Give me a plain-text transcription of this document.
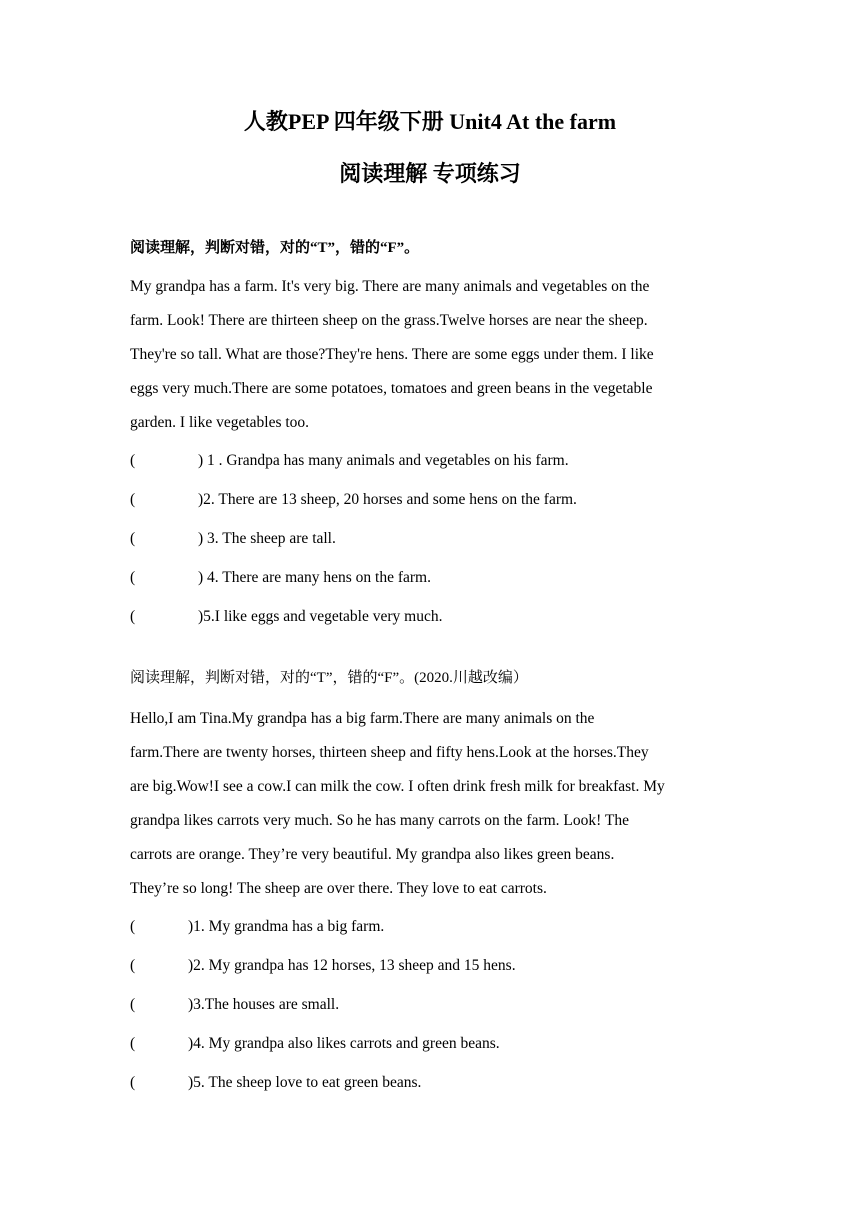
人教PEP 四年级下册 Unit4 At the farm
阅读理解 专项练习
阅读理解，判断对错，对的“T”，错的“F”。
My grandpa has a farm. It's very big. There are many animals and vegetables on the
farm. Look! There are thirteen sheep on the grass.Twelve horses are near the sheep.
They're so tall. What are those?They're hens. There are some eggs under them. I like
eggs very much.There are some potatoes, tomatoes and green beans in the vegetable
garden. I like vegetables too.
(	) 1 . Grandpa has many animals and vegetables on his farm.
(	)2. There are 13 sheep, 20 horses and some hens on the farm.
(	) 3. The sheep are tall.
(	) 4. There are many hens on the farm.
(	)5.I like eggs and vegetable very much.
阅读理解，判断对错，对的“T”，错的“F”。(2020.川越改编）
Hello,I am Tina.My grandpa has a big farm.There are many animals on the
farm.There are twenty horses, thirteen sheep and fifty hens.Look at the horses.They
are big.Wow!I see a cow.I can milk the cow. I often drink fresh milk for breakfast. My
grandpa likes carrots very much. So he has many carrots on the farm. Look! The
carrots are orange. They’re very beautiful. My grandpa also likes green beans.
They’re so long! The sheep are over there. They love to eat carrots.
(	)1. My grandma has a big farm.
(	)2. My grandpa has 12 horses, 13 sheep and 15 hens.
(	)3.The houses are small.
(	)4. My grandpa also likes carrots and green beans.
(	)5. The sheep love to eat green beans.
